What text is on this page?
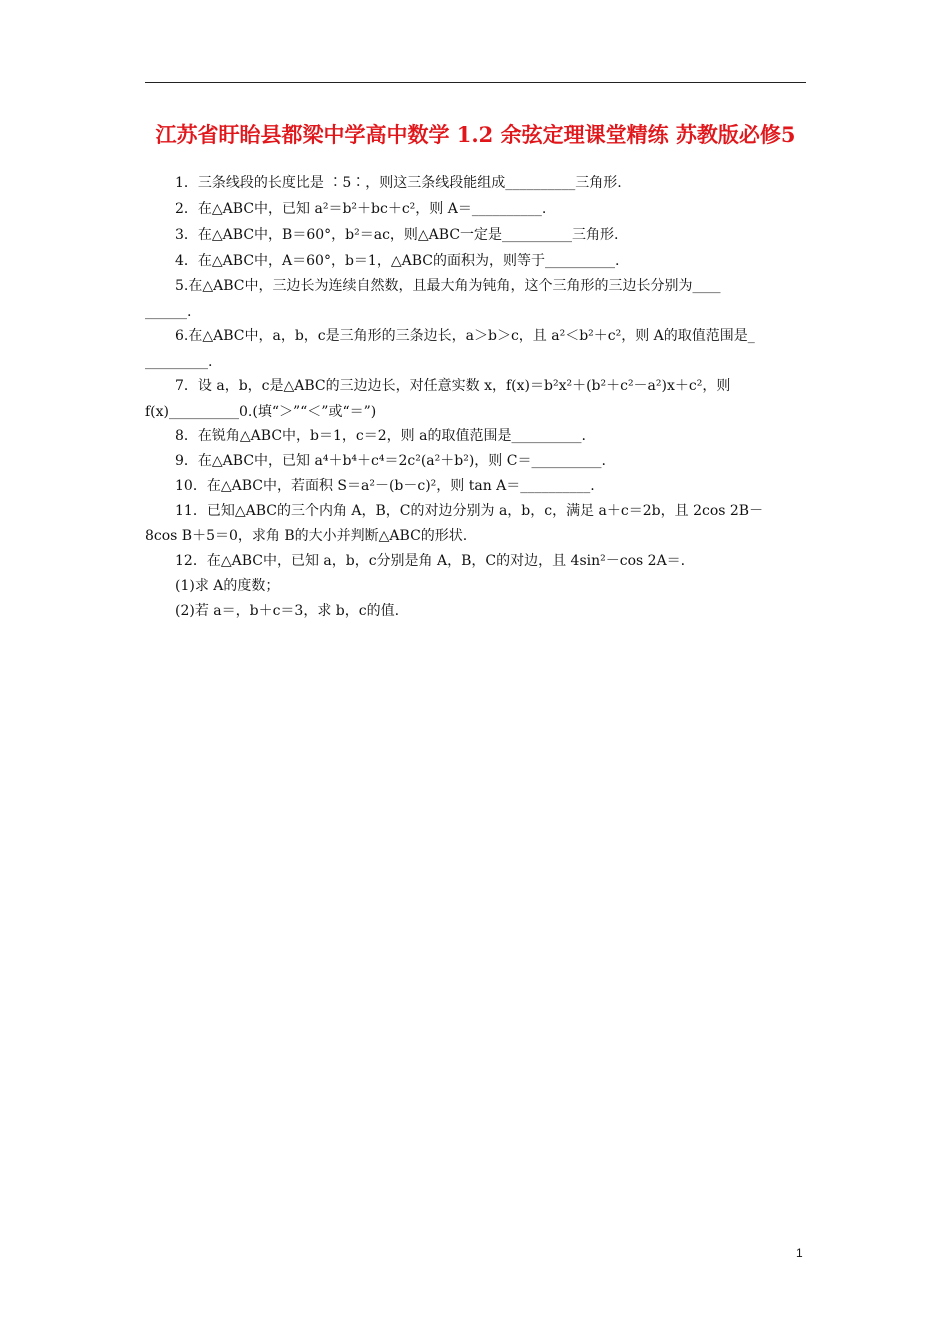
江苏省盱眙县都梁中学高中数学 1.2 余弦定理课堂精练 苏教版必修5
1．三条线段的长度比是 ∶5∶，则这三条线段能组成__________三角形.
2．在△ABC中，已知 a²＝b²＋bc＋c²，则 A＝__________.
3．在△ABC中，B＝60°，b²＝ac，则△ABC一定是__________三角形.
4．在△ABC中，A＝60°，b＝1，△ABC的面积为，则等于__________.
5.在△ABC中，三边长为连续自然数，且最大角为钝角，这个三角形的三边长分别为____
______.
6.在△ABC中，a，b，c是三角形的三条边长，a＞b＞c，且 a²＜b²＋c²，则 A的取值范围是_
_________.
7．设 a，b，c是△ABC的三边边长，对任意实数 x，f(x)＝b²x²＋(b²＋c²－a²)x＋c²，则
f(x)__________0.(填“＞”“＜”或“＝”)
8．在锐角△ABC中，b＝1，c＝2，则 a的取值范围是__________.
9．在△ABC中，已知 a⁴＋b⁴＋c⁴＝2c²(a²＋b²)，则 C＝__________.
10．在△ABC中，若面积 S＝a²－(b－c)²，则 tan A＝__________.
11．已知△ABC的三个内角 A，B，C的对边分别为 a，b，c，满足 a＋c＝2b，且 2cos 2B－
8cos B＋5＝0，求角 B的大小并判断△ABC的形状.
12．在△ABC中，已知 a，b，c分别是角 A，B，C的对边，且 4sin²－cos 2A＝.
(1)求 A的度数；
(2)若 a＝，b＋c＝3，求 b，c的值.
1
